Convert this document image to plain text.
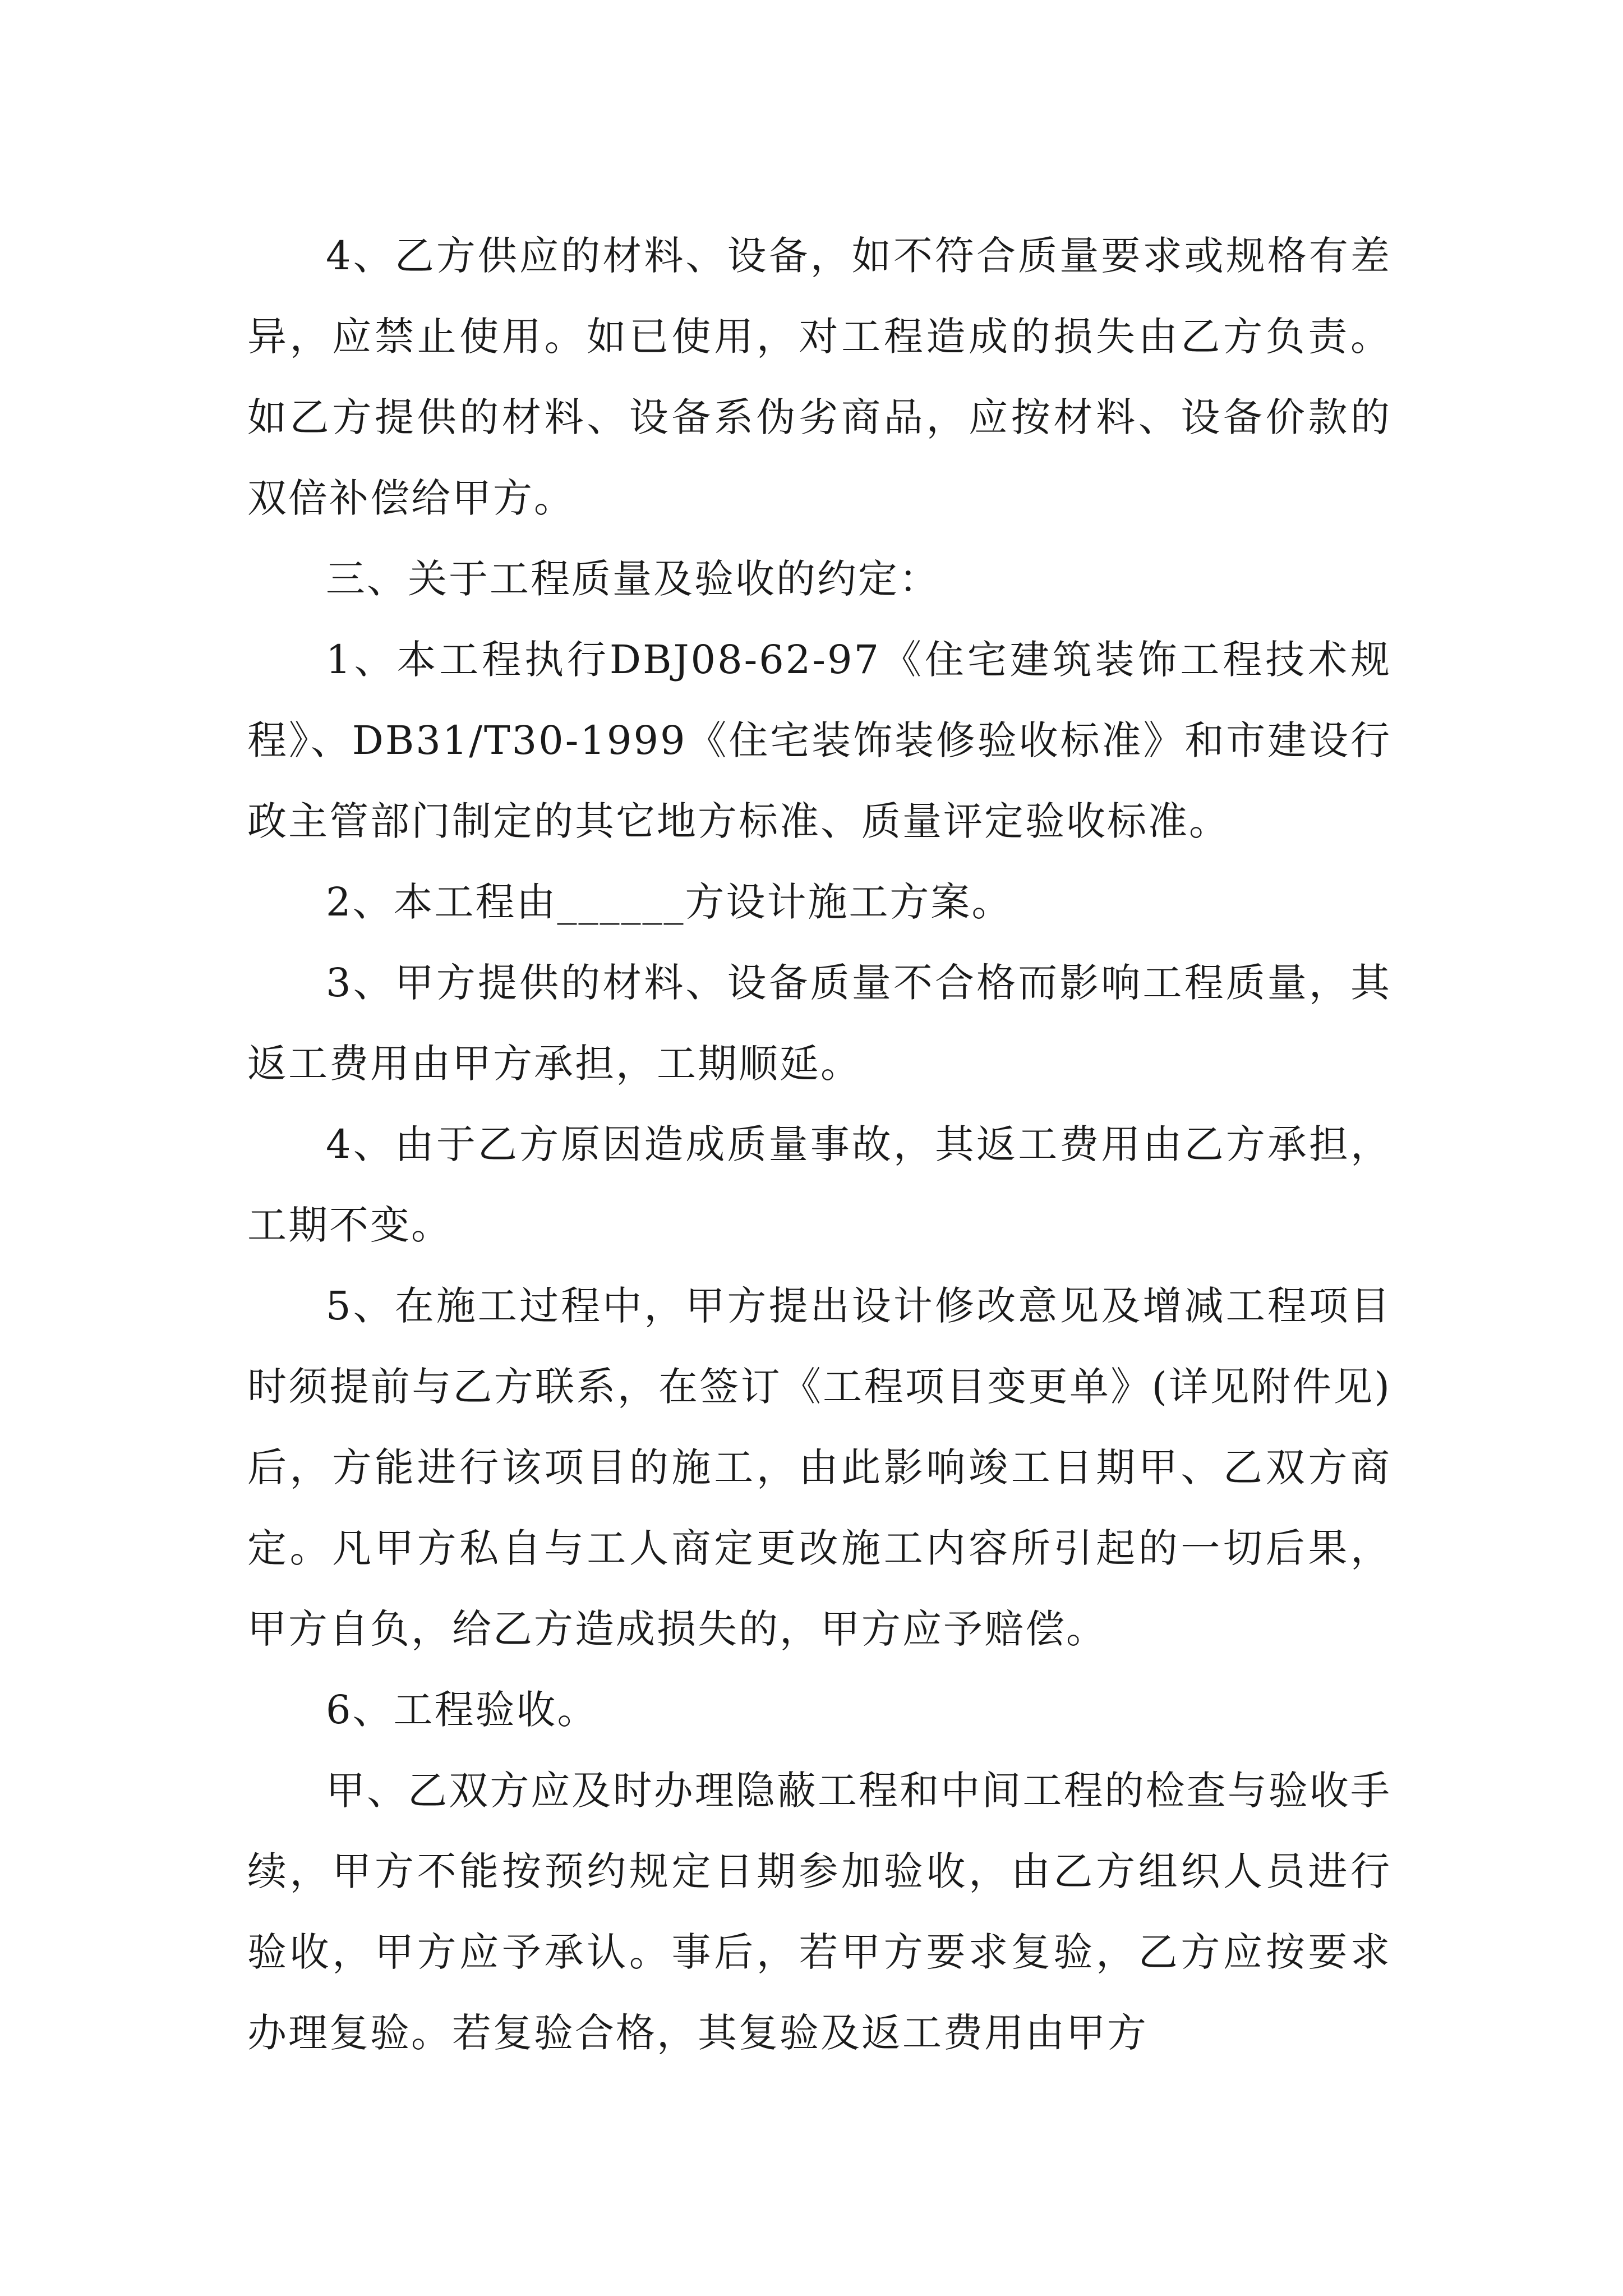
4、乙方供应的材料、设备，如不符合质量要求或规格有差异，应禁止使用。如已使用，对工程造成的损失由乙方负责。如乙方提供的材料、设备系伪劣商品，应按材料、设备价款的双倍补偿给甲方。

三、关于工程质量及验收的约定：

1、本工程执行DBJ08-62-97《住宅建筑装饰工程技术规程》、DB31/T30-1999《住宅装饰装修验收标准》和市建设行政主管部门制定的其它地方标准、质量评定验收标准。

2、本工程由______方设计施工方案。

3、甲方提供的材料、设备质量不合格而影响工程质量，其返工费用由甲方承担，工期顺延。

4、由于乙方原因造成质量事故，其返工费用由乙方承担，工期不变。

5、在施工过程中，甲方提出设计修改意见及增减工程项目时须提前与乙方联系，在签订《工程项目变更单》(详见附件见)后，方能进行该项目的施工，由此影响竣工日期甲、乙双方商定。凡甲方私自与工人商定更改施工内容所引起的一切后果，甲方自负，给乙方造成损失的，甲方应予赔偿。

6、工程验收。

甲、乙双方应及时办理隐蔽工程和中间工程的检查与验收手续，甲方不能按预约规定日期参加验收，由乙方组织人员进行验收，甲方应予承认。事后，若甲方要求复验，乙方应按要求办理复验。若复验合格，其复验及返工费用由甲方
